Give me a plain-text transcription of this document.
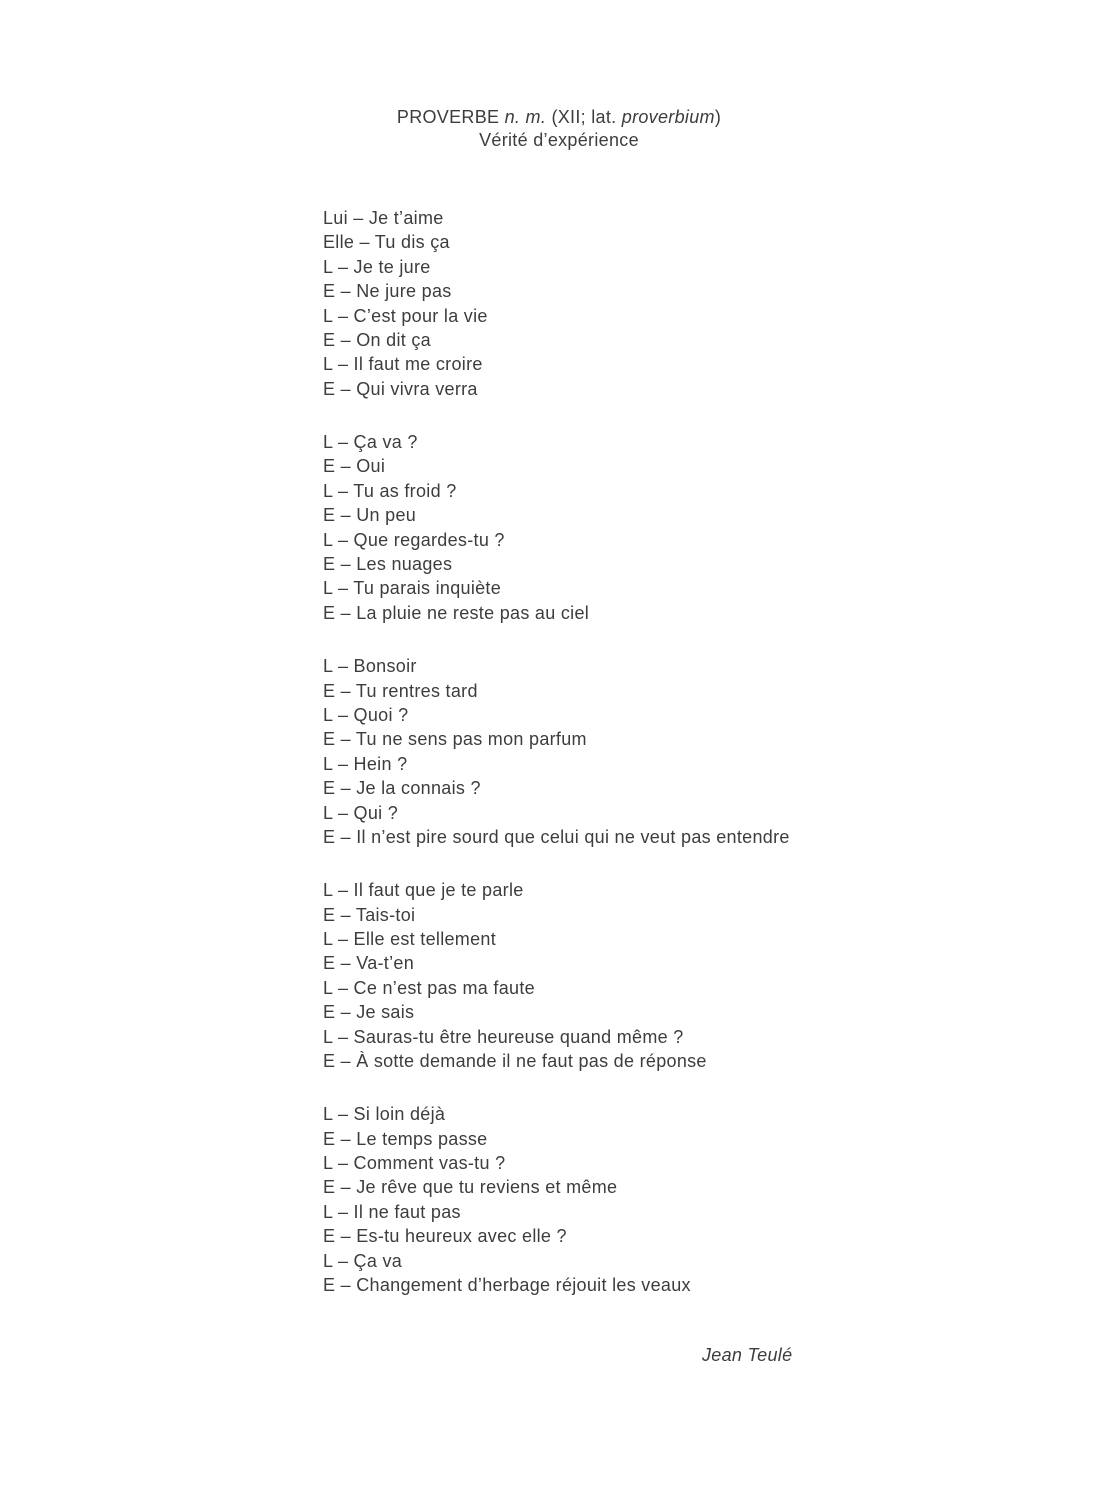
PROVERBE n. m. (XII; lat. proverbium)
Vérité d’expérience

Lui – Je t’aime

Elle – Tu dis ça

L – Je te jure

E – Ne jure pas

L – C’est pour la vie

E – On dit ça

L – Il faut me croire

E – Qui vivra verra

L – Ça va ?

E – Oui

L – Tu as froid ?

E – Un peu

L – Que regardes-tu ?

E – Les nuages

L – Tu parais inquiète

E – La pluie ne reste pas au ciel

L – Bonsoir

E – Tu rentres tard

L – Quoi ?

E – Tu ne sens pas mon parfum

L – Hein ?

E – Je la connais ?

L – Qui ?

E – Il n’est pire sourd que celui qui ne veut pas entendre

L – Il faut que je te parle

E – Tais-toi

L – Elle est tellement

E – Va-t’en

L – Ce n’est pas ma faute

E – Je sais

L – Sauras-tu être heureuse quand même ?

E – À sotte demande il ne faut pas de réponse

L – Si loin déjà

E – Le temps passe

L – Comment vas-tu ?

E – Je rêve que tu reviens et même

L – Il ne faut pas

E – Es-tu heureux avec elle ?

L – Ça va

E – Changement d’herbage réjouit les veaux

Jean Teulé
